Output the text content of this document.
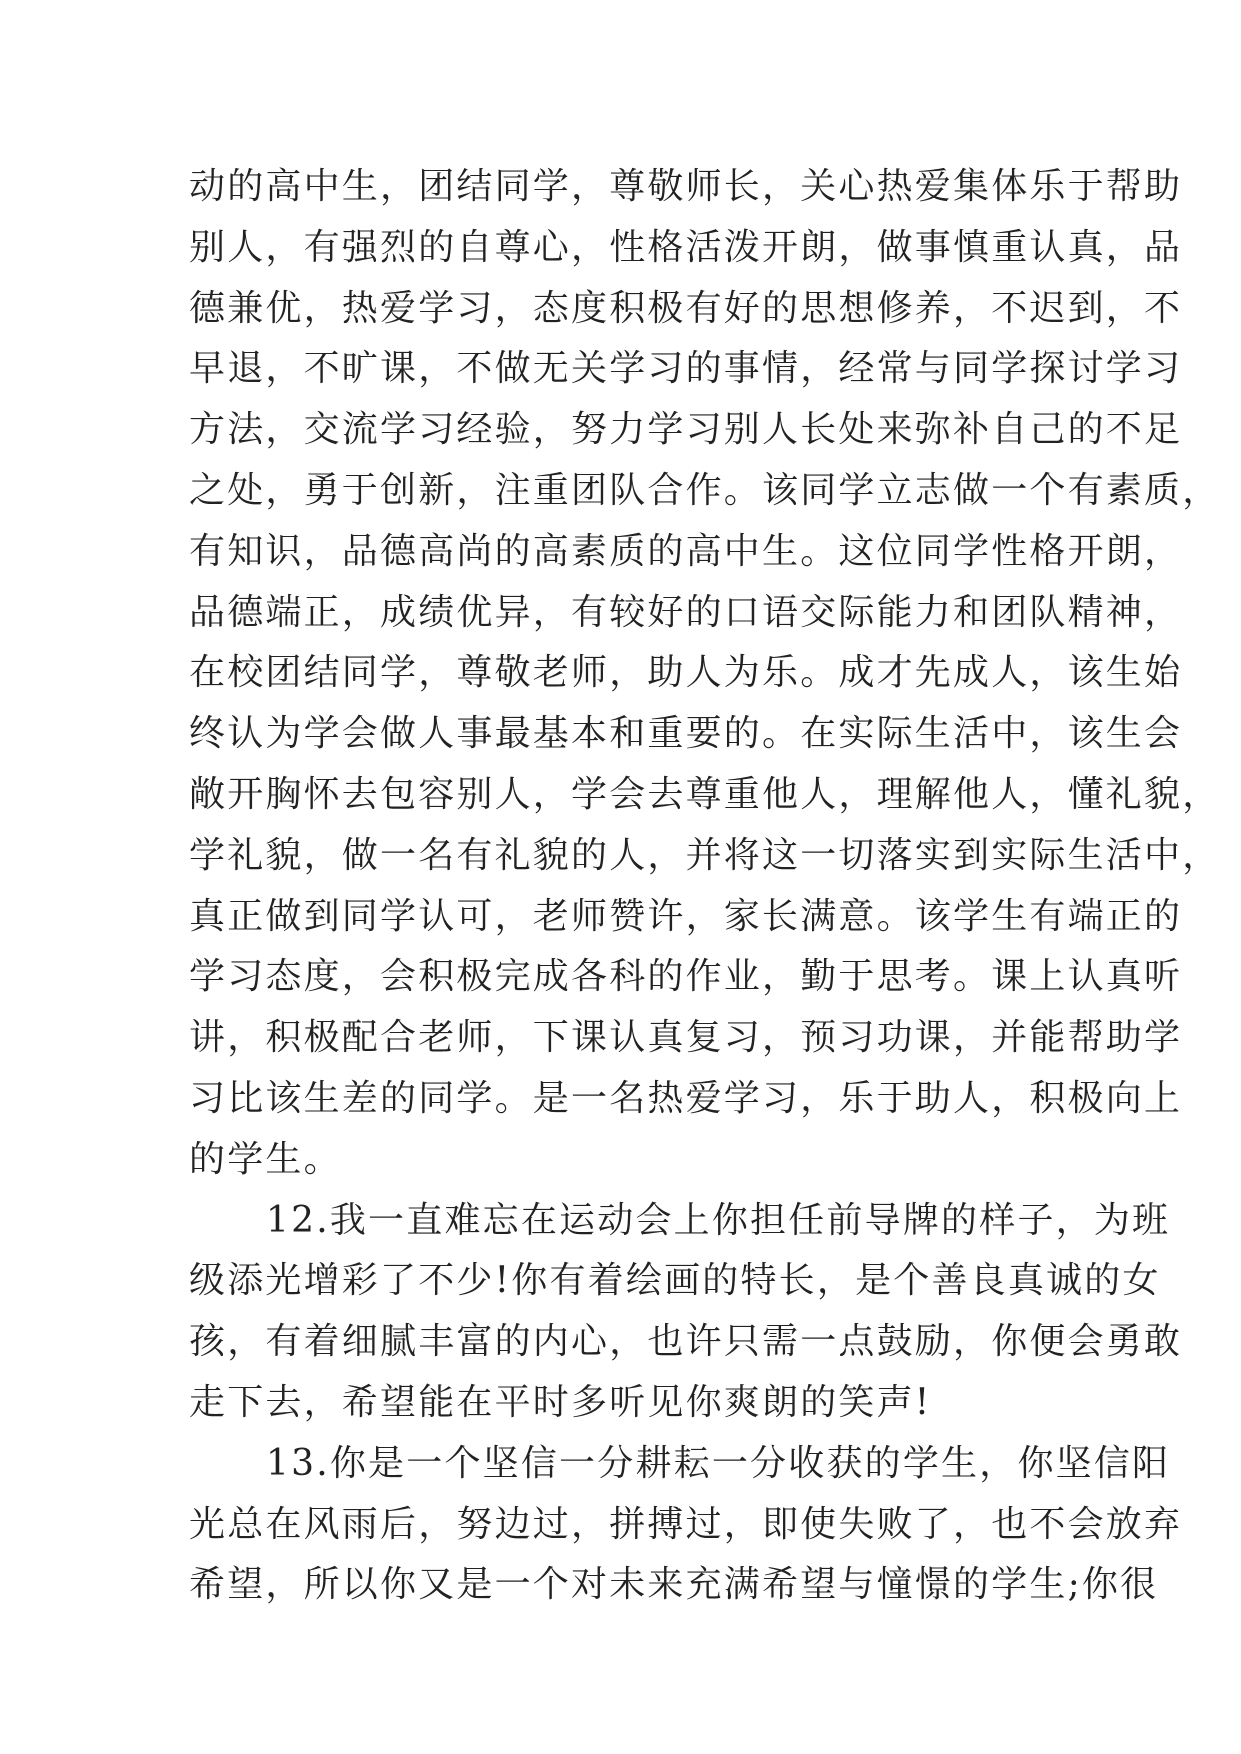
动的高中生，团结同学，尊敬师长，关心热爱集体乐于帮助
别人，有强烈的自尊心，性格活泼开朗，做事慎重认真，品
德兼优，热爱学习，态度积极有好的思想修养，不迟到，不
早退，不旷课，不做无关学习的事情，经常与同学探讨学习
方法，交流学习经验，努力学习别人长处来弥补自己的不足
之处，勇于创新，注重团队合作。该同学立志做一个有素质，
有知识，品德高尚的高素质的高中生。这位同学性格开朗，
品德端正，成绩优异，有较好的口语交际能力和团队精神，
在校团结同学，尊敬老师，助人为乐。成才先成人，该生始
终认为学会做人事最基本和重要的。在实际生活中，该生会
敞开胸怀去包容别人，学会去尊重他人，理解他人，懂礼貌，
学礼貌，做一名有礼貌的人，并将这一切落实到实际生活中，
真正做到同学认可，老师赞许，家长满意。该学生有端正的
学习态度，会积极完成各科的作业，勤于思考。课上认真听
讲，积极配合老师，下课认真复习，预习功课，并能帮助学
习比该生差的同学。是一名热爱学习，乐于助人，积极向上
的学生。
12.我一直难忘在运动会上你担任前导牌的样子，为班
级添光增彩了不少!你有着绘画的特长，是个善良真诚的女
孩，有着细腻丰富的内心，也许只需一点鼓励，你便会勇敢
走下去，希望能在平时多听见你爽朗的笑声!
13.你是一个坚信一分耕耘一分收获的学生，你坚信阳
光总在风雨后，努边过，拼搏过，即使失败了，也不会放弃
希望，所以你又是一个对未来充满希望与憧憬的学生;你很
